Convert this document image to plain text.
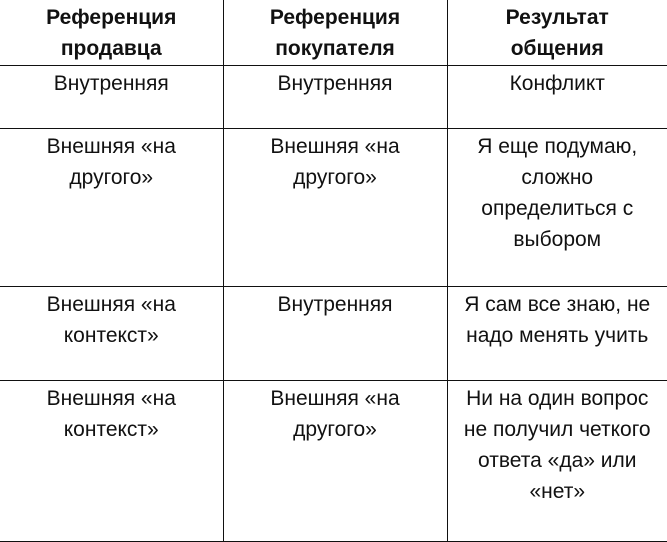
Референция продавца	Референция покупателя	Результат общения

Внутренняя	Внутренняя	Конфликт

Внешняя «на другого»	Внешняя «на другого»	Я еще подумаю, сложно определиться с выбором

Внешняя «на контекст»	Внутренняя	Я сам все знаю, не надо менять учить

Внешняя «на контекст»	Внешняя «на другого»	Ни на один вопрос не получил четкого ответа «да» или «нет»
